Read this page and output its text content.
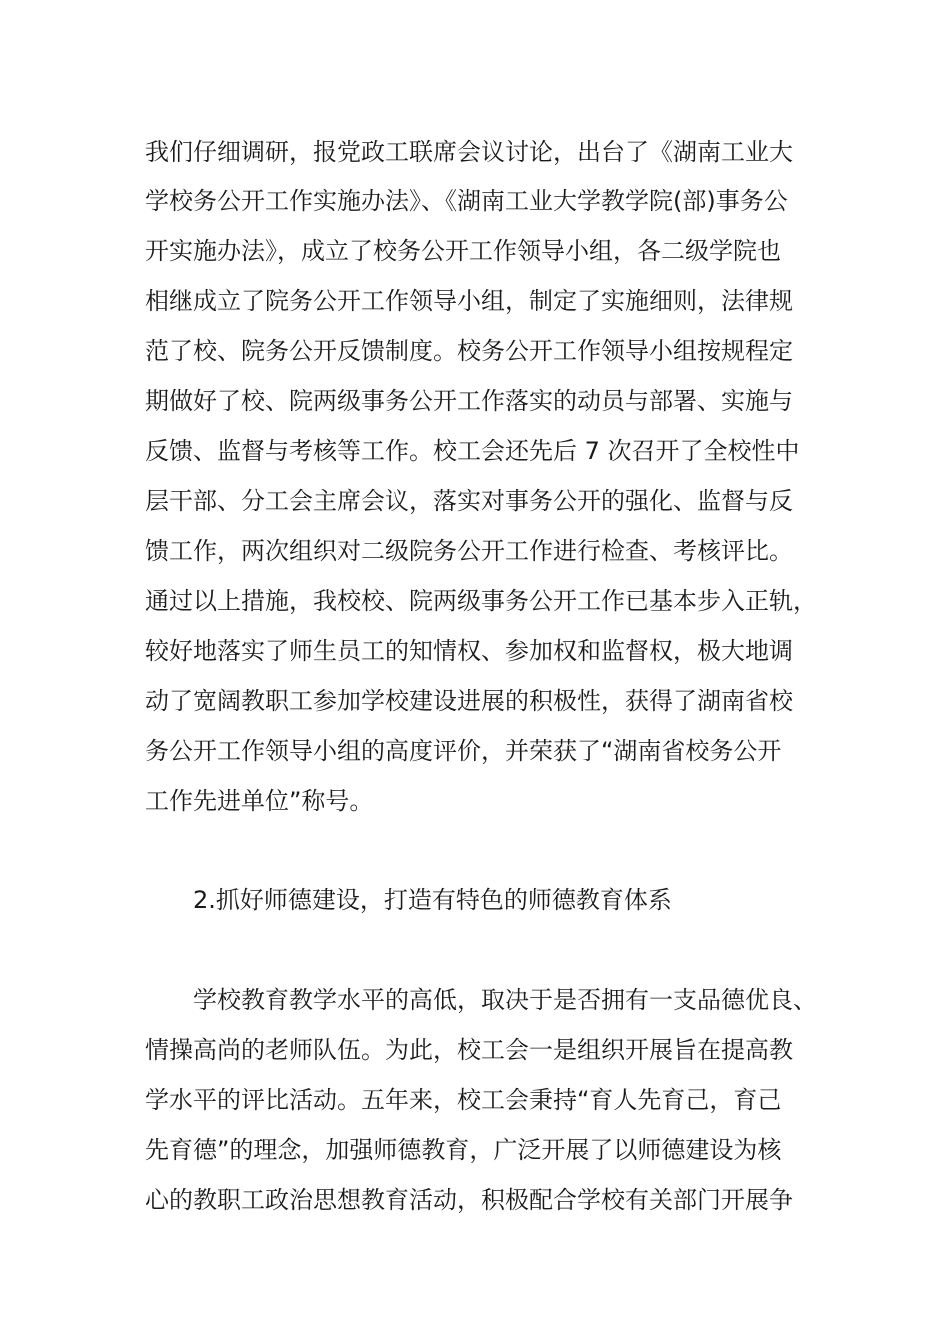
我们仔细调研，报党政工联席会议讨论，出台了《湖南工业大
学校务公开工作实施办法》、《湖南工业大学教学院(部)事务公
开实施办法》，成立了校务公开工作领导小组，各二级学院也
相继成立了院务公开工作领导小组，制定了实施细则，法律规
范了校、院务公开反馈制度。校务公开工作领导小组按规程定
期做好了校、院两级事务公开工作落实的动员与部署、实施与
反馈、监督与考核等工作。校工会还先后 7 次召开了全校性中
层干部、分工会主席会议，落实对事务公开的强化、监督与反
馈工作，两次组织对二级院务公开工作进行检查、考核评比。
通过以上措施，我校校、院两级事务公开工作已基本步入正轨，
较好地落实了师生员工的知情权、参加权和监督权，极大地调
动了宽阔教职工参加学校建设进展的积极性，获得了湖南省校
务公开工作领导小组的高度评价，并荣获了“湖南省校务公开
工作先进单位”称号。
2.抓好师德建设，打造有特色的师德教育体系
学校教育教学水平的高低，取决于是否拥有一支品德优良、
情操高尚的老师队伍。为此，校工会一是组织开展旨在提高教
学水平的评比活动。五年来，校工会秉持“育人先育己，育己
先育德”的理念，加强师德教育，广泛开展了以师德建设为核
心的教职工政治思想教育活动，积极配合学校有关部门开展争
